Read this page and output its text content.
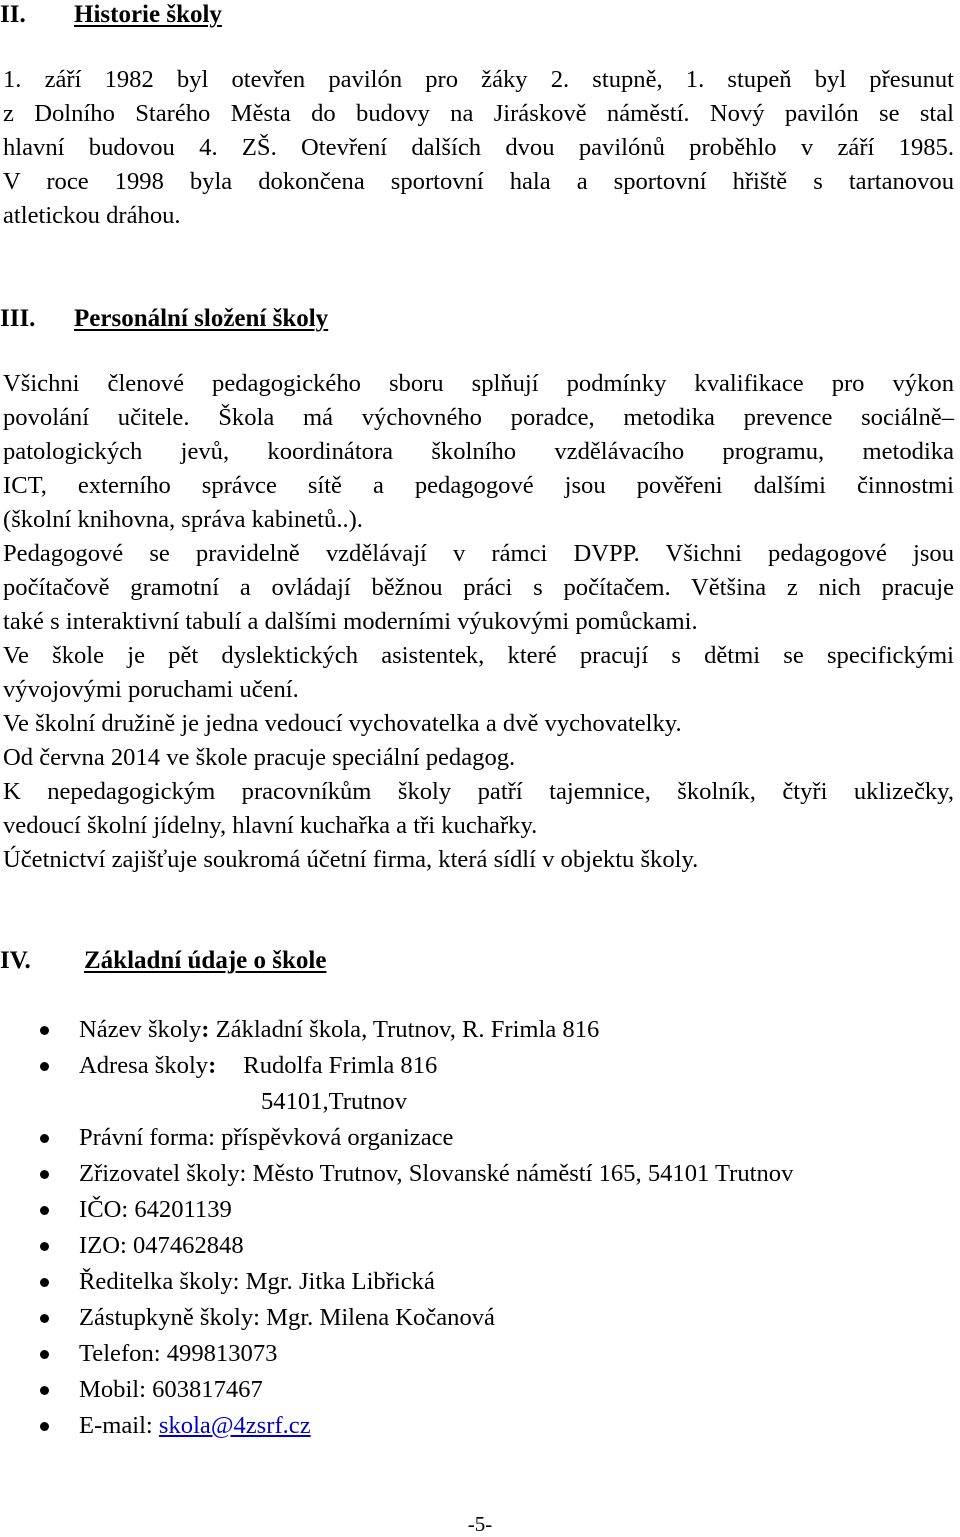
II. Historie školy
1. září 1982 byl otevřen pavilón pro žáky 2. stupně, 1. stupeň byl přesunut
z Dolního Starého Města do budovy na Jiráskově náměstí. Nový pavilón se stal
hlavní budovou 4. ZŠ. Otevření dalších dvou pavilónů proběhlo v září 1985.
V roce 1998 byla dokončena sportovní hala a sportovní hřiště s tartanovou
atletickou dráhou.
III. Personální složení školy
Všichni členové pedagogického sboru splňují podmínky kvalifikace pro výkon
povolání učitele. Škola má výchovného poradce, metodika prevence sociálně–
patologických jevů, koordinátora školního vzdělávacího programu, metodika
ICT, externího správce sítě a pedagogové jsou pověřeni dalšími činnostmi
(školní knihovna, správa kabinetů..).
Pedagogové se pravidelně vzdělávají v rámci DVPP. Všichni pedagogové jsou
počítačově gramotní a ovládají běžnou práci s počítačem. Většina z nich pracuje
také s interaktivní tabulí a dalšími moderními výukovými pomůckami.
Ve škole je pět dyslektických asistentek, které pracují s dětmi se specifickými
vývojovými poruchami učení.
Ve školní družině je jedna vedoucí vychovatelka a dvě vychovatelky.
Od června 2014 ve škole pracuje speciální pedagog.
K nepedagogickým pracovníkům školy patří tajemnice, školník, čtyři uklizečky,
vedoucí školní jídelny, hlavní kuchařka a tři kuchařky.
Účetnictví zajišťuje soukromá účetní firma, která sídlí v objektu školy.
IV. Základní údaje o škole
Název školy: Základní škola, Trutnov, R. Frimla 816
Adresa školy: Rudolfa Frimla 816
54101,Trutnov
Právní forma: příspěvková organizace
Zřizovatel školy: Město Trutnov, Slovanské náměstí 165, 54101 Trutnov
IČO: 64201139
IZO: 047462848
Ředitelka školy: Mgr. Jitka Libřická
Zástupkyně školy: Mgr. Milena Kočanová
Telefon: 499813073
Mobil: 603817467
E-mail: skola@4zsrf.cz
-5-
